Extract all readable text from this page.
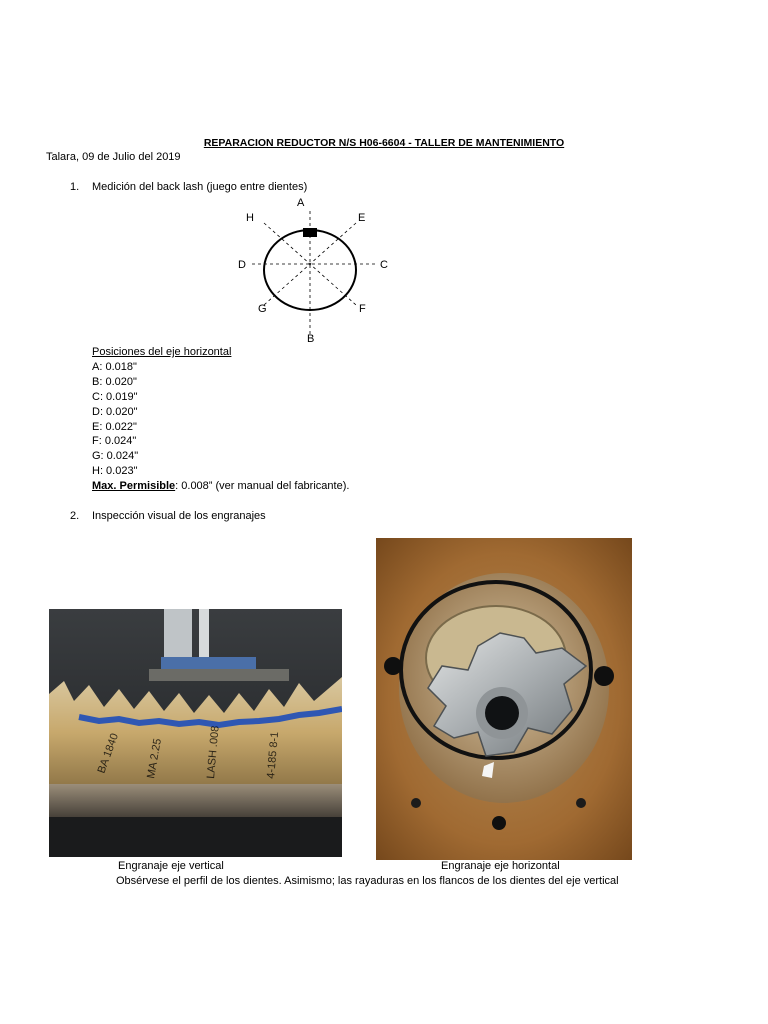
REPARACION REDUCTOR N/S H06-6604 - TALLER DE MANTENIMIENTO
Talara, 09 de Julio del 2019
1. Medición del back lash (juego entre dientes)
A
B
C
D
E
F
G
H
Posiciones del eje horizontal
A: 0.018"
B: 0.020"
C: 0.019"
D: 0.020"
E: 0.022"
F: 0.024"
G: 0.024"
H: 0.023"
Max. Permisible: 0.008” (ver manual del fabricante).
2. Inspección visual de los engranajes
BA 1840 MA 2.25	LASH .008	4-185 8-1
Engranaje eje vertical	Engranaje eje horizontal
Obsérvese el perfil de los dientes. Asimismo; las rayaduras en los flancos de los dientes del eje vertical
